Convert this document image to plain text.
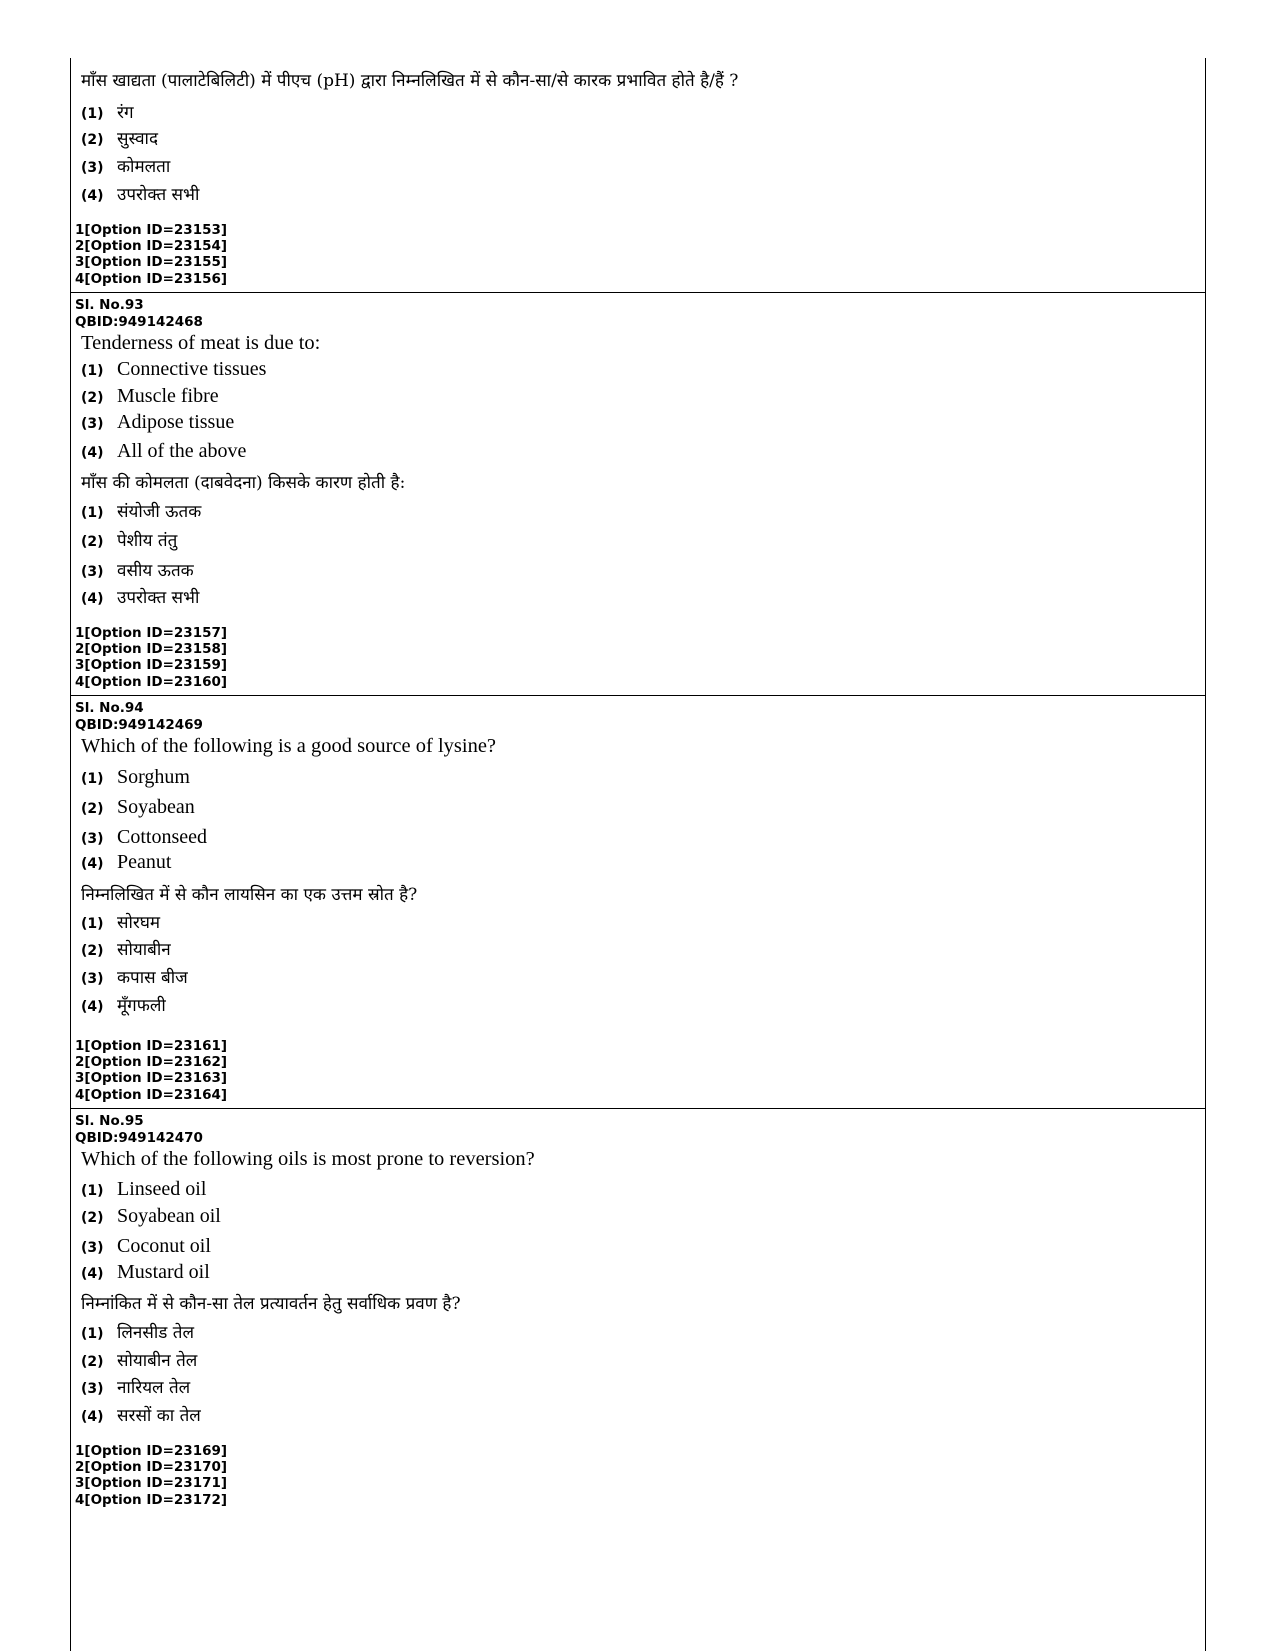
माँस खाद्यता (पालाटेबिलिटी) में पीएच (pH) द्वारा निम्नलिखित में से कौन-सा/से कारक प्रभावित होते है/हैं ?
(1) रंग
(2) सुस्वाद
(3) कोमलता
(4) उपरोक्त सभी
1[Option ID=23153]
2[Option ID=23154]
3[Option ID=23155]
4[Option ID=23156]
Sl. No.93
QBID:949142468
Tenderness of meat is due to:
(1) Connective tissues
(2) Muscle fibre
(3) Adipose tissue
(4) All of the above
माँस की कोमलता (दाबवेदना) किसके कारण होती है:
(1) संयोजी ऊतक
(2) पेशीय तंतु
(3) वसीय ऊतक
(4) उपरोक्त सभी
1[Option ID=23157]
2[Option ID=23158]
3[Option ID=23159]
4[Option ID=23160]
Sl. No.94
QBID:949142469
Which of the following is a good source of lysine?
(1) Sorghum
(2) Soyabean
(3) Cottonseed
(4) Peanut
निम्नलिखित में से कौन लायसिन का एक उत्तम स्रोत है?
(1) सोरघम
(2) सोयाबीन
(3) कपास बीज
(4) मूँगफली
1[Option ID=23161]
2[Option ID=23162]
3[Option ID=23163]
4[Option ID=23164]
Sl. No.95
QBID:949142470
Which of the following oils is most prone to reversion?
(1) Linseed oil
(2) Soyabean oil
(3) Coconut oil
(4) Mustard oil
निम्नांकित में से कौन-सा तेल प्रत्यावर्तन हेतु सर्वाधिक प्रवण है?
(1) लिनसीड तेल
(2) सोयाबीन तेल
(3) नारियल तेल
(4) सरसों का तेल
1[Option ID=23169]
2[Option ID=23170]
3[Option ID=23171]
4[Option ID=23172]
